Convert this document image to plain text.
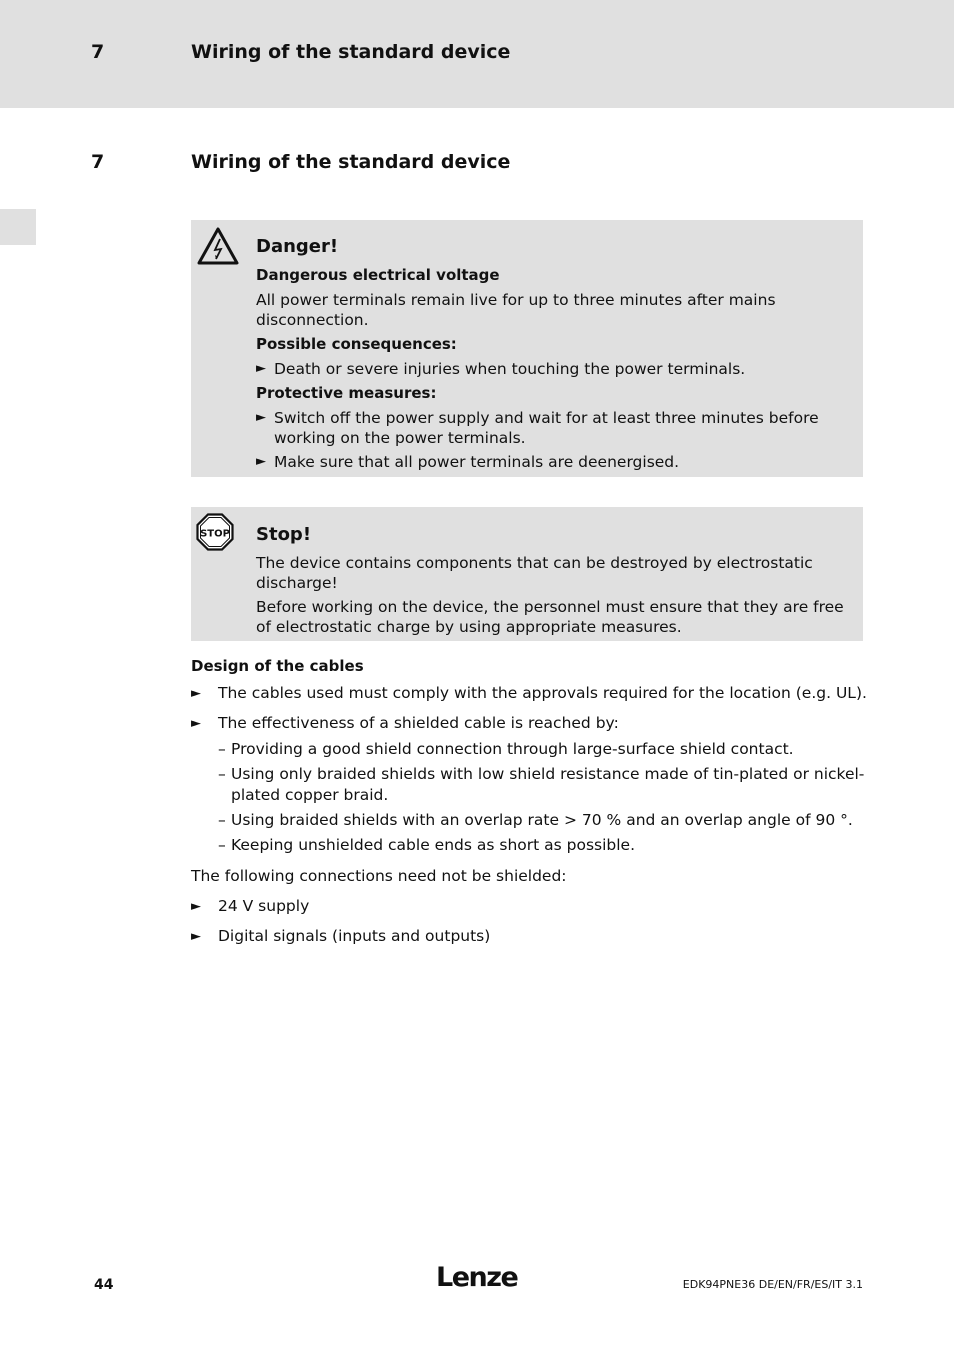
7	Wiring of the standard device
7	Wiring of the standard device
Danger!
Dangerous electrical voltage
All power terminals remain live for up to three minutes after mains disconnection.
Possible consequences:
► Death or severe injuries when touching the power terminals.
Protective measures:
► Switch off the power supply and wait for at least three minutes before working on the power terminals.
► Make sure that all power terminals are deenergised.
STOP Stop!
The device contains components that can be destroyed by electrostatic discharge!
Before working on the device, the personnel must ensure that they are free of electrostatic charge by using appropriate measures.
Design of the cables
► The cables used must comply with the approvals required for the location (e.g. UL).
► The effectiveness of a shielded cable is reached by:
– Providing a good shield connection through large-surface shield contact.
– Using only braided shields with low shield resistance made of tin-plated or nickel-plated copper braid.
– Using braided shields with an overlap rate > 70 % and an overlap angle of 90 °.
– Keeping unshielded cable ends as short as possible.
The following connections need not be shielded:
► 24 V supply
► Digital signals (inputs and outputs)
44	Lenze	EDK94PNE36 DE/EN/FR/ES/IT 3.1
